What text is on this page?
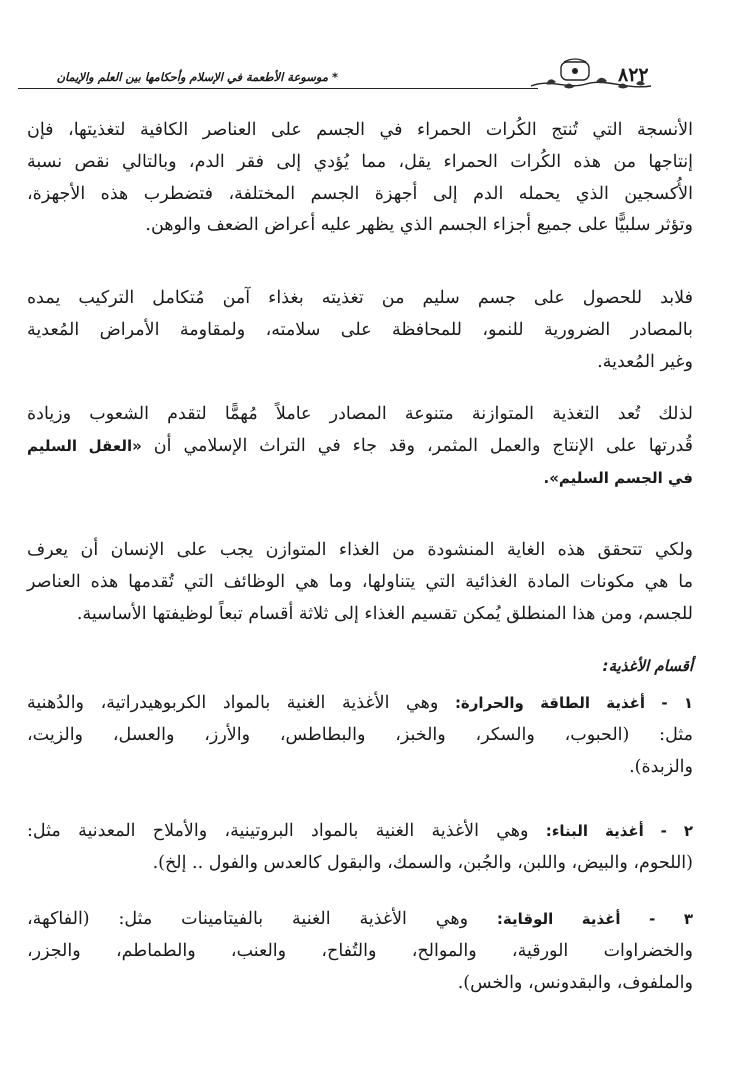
* موسوعة الأطعمة في الإسلام وأحكامها بين العلم والإيمان	٨٢٢
الأنسجة التي تُنتج الكُرات الحمراء في الجسم على العناصر الكافية لتغذيتها، فإن
إنتاجها من هذه الكُرات الحمراء يقل، مما يُؤدي إلى فقر الدم، وبالتالي نقص نسبة
الأُكسجين الذي يحمله الدم إلى أجهزة الجسم المختلفة، فتضطرب هذه الأجهزة،
وتؤثر سلبيًّا على جميع أجزاء الجسم الذي يظهر عليه أعراض الضعف والوهن.
فلابد للحصول على جسم سليم من تغذيته بغذاء آمن مُتكامل التركيب يمده
بالمصادر الضرورية للنمو، للمحافظة على سلامته، ولمقاومة الأمراض المُعدية
وغير المُعدية.
لذلك تُعد التغذية المتوازنة متنوعة المصادر عاملاً مُهمًّا لتقدم الشعوب وزيادة
قُدرتها على الإنتاج والعمل المثمر، وقد جاء في التراث الإسلامي أن «العقل السليم
في الجسم السليم».
ولكي تتحقق هذه الغاية المنشودة من الغذاء المتوازن يجب على الإنسان أن يعرف
ما هي مكونات المادة الغذائية التي يتناولها، وما هي الوظائف التي تُقدمها هذه العناصر
للجسم، ومن هذا المنطلق يُمكن تقسيم الغذاء إلى ثلاثة أقسام تبعاً لوظيفتها الأساسية.
أقسام الأغذية:
١ - أغذية الطاقة والحرارة: وهي الأغذية الغنية بالمواد الكربوهيدراتية، والدُهنية
مثل: (الحبوب، والسكر، والخبز، والبطاطس، والأرز، والعسل، والزيت،
والزبدة).
٢ - أغذية البناء: وهي الأغذية الغنية بالمواد البروتينية، والأملاح المعدنية مثل:
(اللحوم، والبيض، واللبن، والجُبن، والسمك، والبقول كالعدس والفول .. إلخ).
٣ - أغذية الوقاية: وهي الأغذية الغنية بالفيتامينات مثل: (الفاكهة،
والخضراوات الورقية، والموالح، والتُفاح، والعنب، والطماطم، والجزر،
والملفوف، والبقدونس، والخس).
